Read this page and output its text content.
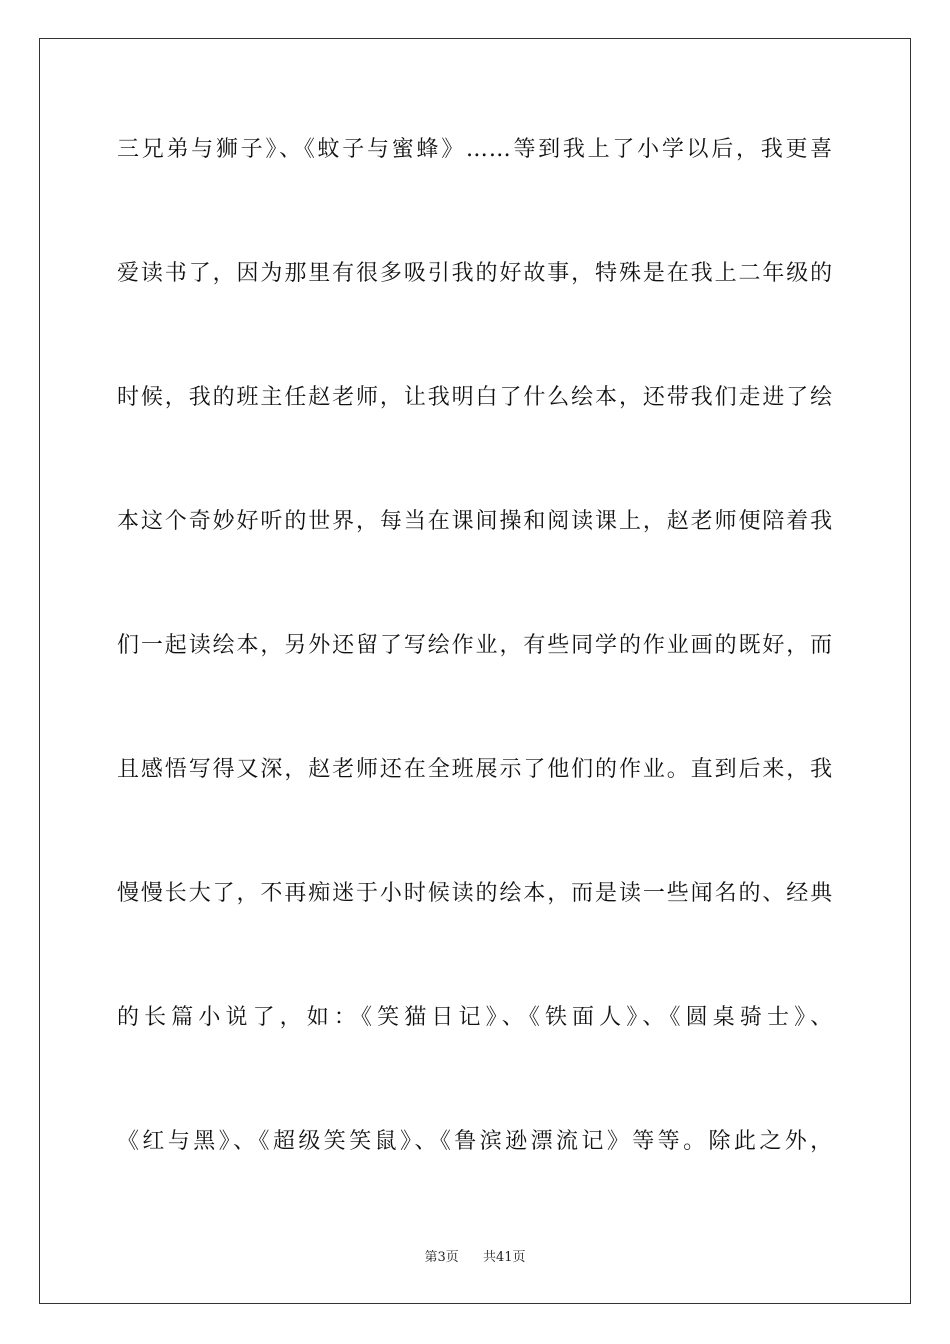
三兄弟与狮子》、《蚊子与蜜蜂》……等到我上了小学以后，我更喜
爱读书了，因为那里有很多吸引我的好故事，特殊是在我上二年级的
时候，我的班主任赵老师，让我明白了什么绘本，还带我们走进了绘
本这个奇妙好听的世界，每当在课间操和阅读课上，赵老师便陪着我
们一起读绘本，另外还留了写绘作业，有些同学的作业画的既好，而
且感悟写得又深，赵老师还在全班展示了他们的作业。直到后来，我
慢慢长大了，不再痴迷于小时候读的绘本，而是读一些闻名的、经典
的长篇小说了，如：《笑猫日记》、《铁面人》、《圆桌骑士》、
《红与黑》、《超级笑笑鼠》、《鲁滨逊漂流记》等等。除此之外，
第3页 共41页
